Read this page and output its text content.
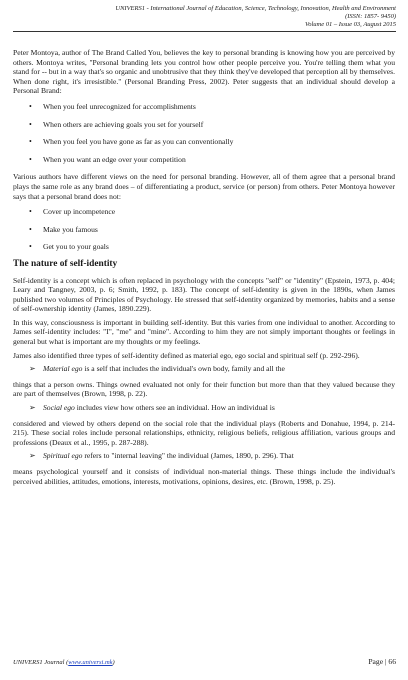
UNIVERS1 - International Journal of Education, Science, Technology, Innovation, Health and Environment
(ISSN: 1857- 9450)
Volume 01 – Issue 03, August 2015

Peter Montoya, author of The Brand Called You, believes the key to personal branding is knowing how you are perceived by others. Montoya writes, "Personal branding lets you control how other people perceive you. You're telling them what you stand for -- but in a way that's so organic and unobtrusive that they think they've developed that perception all by themselves. When done right, it's irresistible." (Personal Branding Press, 2002). Peter suggests that an individual should develop a Personal Brand:

• When you feel unrecognized for accomplishments
• When others are achieving goals you set for yourself
• When you feel you have gone as far as you can conventionally
• When you want an edge over your competition

Various authors have different views on the need for personal branding. However, all of them agree that a personal brand plays the same role as any brand does – of differentiating a product, service (or person) from others. Peter Montoya however says that a personal brand does not:

• Cover up incompetence
• Make you famous
• Get you to your goals
The nature of self-identity

Self-identity is a concept which is often replaced in psychology with the concepts "self" or "identity" (Epstein, 1973, p. 404; Leary and Tangney, 2003, p. 6; Smith, 1992, p. 183). The concept of self-identity is given in the 1890s, when James published two volumes of Principles of Psychology. He stressed that self-identity organized by memories, habits and a sense of self-ownership identity (James, 1890.229).

In this way, consciousness is important in building self-identity. But this varies from one individual to another. According to James self-identity includes: "I", "me" and "mine". According to him they are not simply important thoughts or feelings in general but what is important are my thoughts or my feelings.

James also identified three types of self-identity defined as material ego, ego social and spiritual self (p. 292-296).

➢ Material ego is a self that includes the individual's own body, family and all the

things that a person owns. Things owned evaluated not only for their function but more than that they valued because they are part of themselves (Brown, 1998, p. 22).

➢ Social ego includes view how others see an individual. How an individual is

considered and viewed by others depend on the social role that the individual plays (Roberts and Donahue, 1994, p. 214-215). These social roles include personal relationships, ethnicity, religious beliefs, religious affiliation, various groups and professions (Deaux et al., 1995, p. 287-288).

➢ Spiritual ego refers to "internal leaving" the individual (James, 1890, p. 296). That

means psychological yourself and it consists of individual non-material things. These things include the individual's perceived abilities, attitudes, emotions, interests, motivations, opinions, desires, etc. (Brown, 1998, p. 25).

UNIVERS1 Journal (www.universi.mk)	Page | 66
